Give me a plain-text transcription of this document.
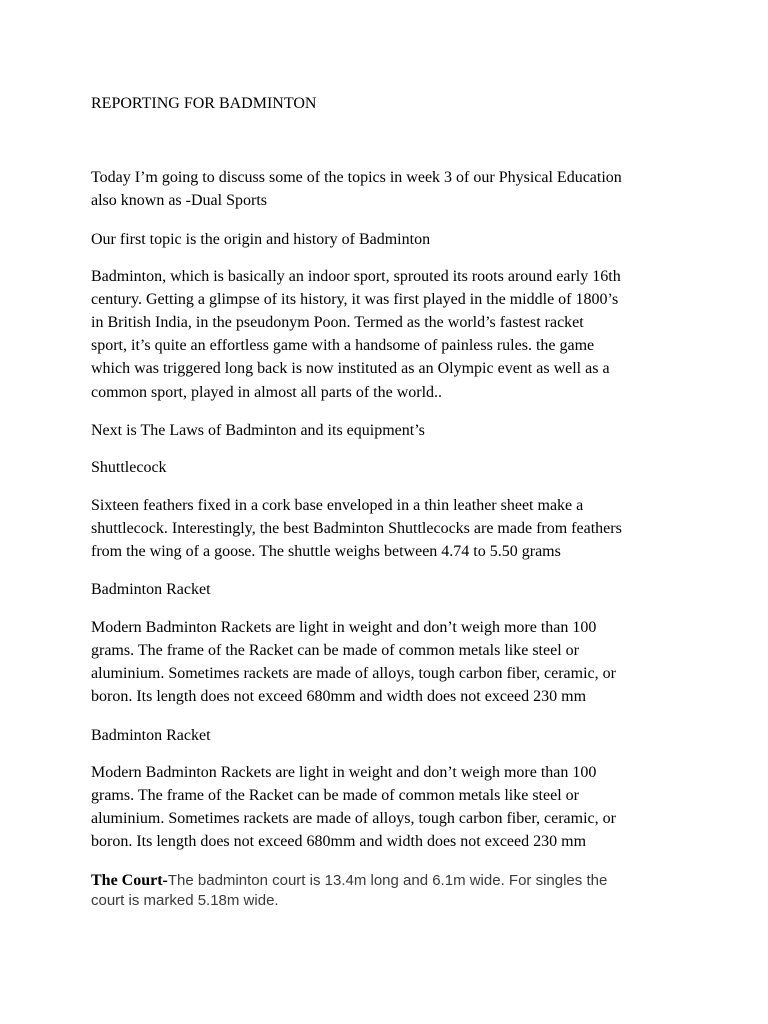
REPORTING FOR BADMINTON

Today I’m going to discuss some of the topics in week 3 of our Physical Education

also known as -Dual Sports

Our first topic is the origin and history of Badminton

Badminton, which is basically an indoor sport, sprouted its roots around early 16th

century. Getting a glimpse of its history, it was first played in the middle of 1800’s

in British India, in the pseudonym Poon. Termed as the world’s fastest racket

sport, it’s quite an effortless game with a handsome of painless rules. the game

which was triggered long back is now instituted as an Olympic event as well as a

common sport, played in almost all parts of the world..

Next is The Laws of Badminton and its equipment’s

Shuttlecock

Sixteen feathers fixed in a cork base enveloped in a thin leather sheet make a

shuttlecock. Interestingly, the best Badminton Shuttlecocks are made from feathers

from the wing of a goose. The shuttle weighs between 4.74 to 5.50 grams

Badminton Racket

Modern Badminton Rackets are light in weight and don’t weigh more than 100

grams. The frame of the Racket can be made of common metals like steel or

aluminium. Sometimes rackets are made of alloys, tough carbon fiber, ceramic, or

boron. Its length does not exceed 680mm and width does not exceed 230 mm

Badminton Racket

Modern Badminton Rackets are light in weight and don’t weigh more than 100

grams. The frame of the Racket can be made of common metals like steel or

aluminium. Sometimes rackets are made of alloys, tough carbon fiber, ceramic, or

boron. Its length does not exceed 680mm and width does not exceed 230 mm

The Court-The badminton court is 13.4m long and 6.1m wide. For singles the

court is marked 5.18m wide.
